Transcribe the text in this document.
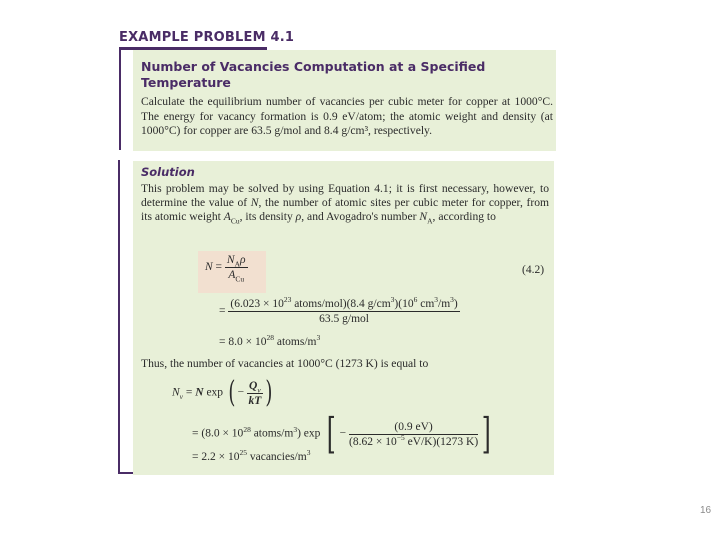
EXAMPLE PROBLEM 4.1
Number of Vacancies Computation at a Specified Temperature
Calculate the equilibrium number of vacancies per cubic meter for copper at 1000°C. The energy for vacancy formation is 0.9 eV/atom; the atomic weight and density (at 1000°C) for copper are 63.5 g/mol and 8.4 g/cm³, respectively.
Solution
This problem may be solved by using Equation 4.1; it is first necessary, however, to determine the value of N, the number of atomic sites per cubic meter for copper, from its atomic weight $A_{Cu}$, its density ρ, and Avogadro's number $N_A$, according to
$N = \frac{N_A\rho}{A_{Cu}}$	(4.2)
= $\frac{(6.023 \times 10^{23} atoms/mol)(8.4 g/cm^3)(10^6 cm^3/m^3)}{\text{63.5 g/mol}}$
= $8.0 \times 10^{28}$ atoms/$m^3$
Thus, the number of vacancies at 1000°C (1273 K) is equal to
$N_v = N$ exp ( − $\frac{Q_v}{kT}$ )
= ($8.0 \times 10^{28}$ atoms/$m^3$) exp [ − $\frac{(0.9 eV)}{(8.62 \times 10^{-5} eV/K)(1273 K)}$ ]
= $2.2 \times 10^{25}$ vacancies/$m^3$
16
